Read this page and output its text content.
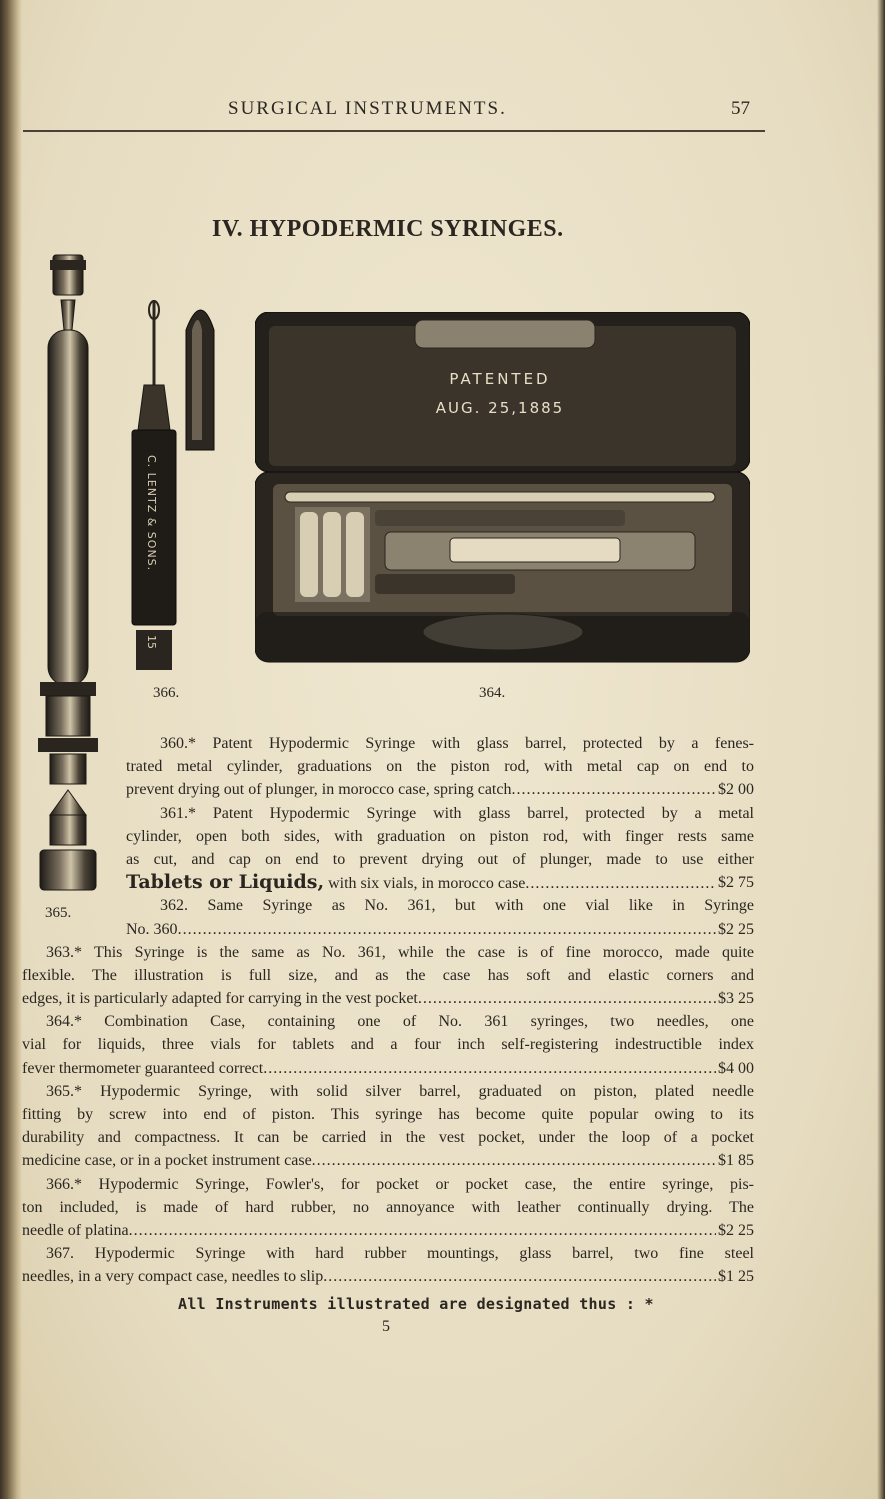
SURGICAL INSTRUMENTS.	57
IV. HYPODERMIC SYRINGES.
C. LENTZ & SONS.
15
PATENTED
AUG. 25,1885
366.	364.
365.
360.* Patent Hypodermic Syringe with glass barrel, protected by a fenes-
trated metal cylinder, graduations on the piston rod, with metal cap on end to
prevent drying out of plunger, in morocco case, spring catch .....	$2 00
361.* Patent Hypodermic Syringe with glass barrel, protected by a metal
cylinder, open both sides, with graduation on piston rod, with finger rests same
as cut, and cap on end to prevent drying out of plunger, made to use either
Tablets or Liquids, with six vials, in morocco case .....	$2 75
362. Same Syringe as No. 361, but with one vial like in Syringe
No. 360 .....	$2 25
363.* This Syringe is the same as No. 361, while the case is of fine morocco, made quite
flexible. The illustration is full size, and as the case has soft and elastic corners and
edges, it is particularly adapted for carrying in the vest pocket .....	$3 25
364.* Combination Case, containing one of No. 361 syringes, two needles, one
vial for liquids, three vials for tablets and a four inch self-registering indestructible index
fever thermometer guaranteed correct .....	$4 00
365.* Hypodermic Syringe, with solid silver barrel, graduated on piston, plated needle
fitting by screw into end of piston. This syringe has become quite popular owing to its
durability and compactness. It can be carried in the vest pocket, under the loop of a pocket
medicine case, or in a pocket instrument case .....	$1 85
366.* Hypodermic Syringe, Fowler's, for pocket or pocket case, the entire syringe, pis-
ton included, is made of hard rubber, no annoyance with leather continually drying. The
needle of platina .....	$2 25
367. Hypodermic Syringe with hard rubber mountings, glass barrel, two fine steel
needles, in a very compact case, needles to slip .....	$1 25
All Instruments illustrated are designated thus : *
5
